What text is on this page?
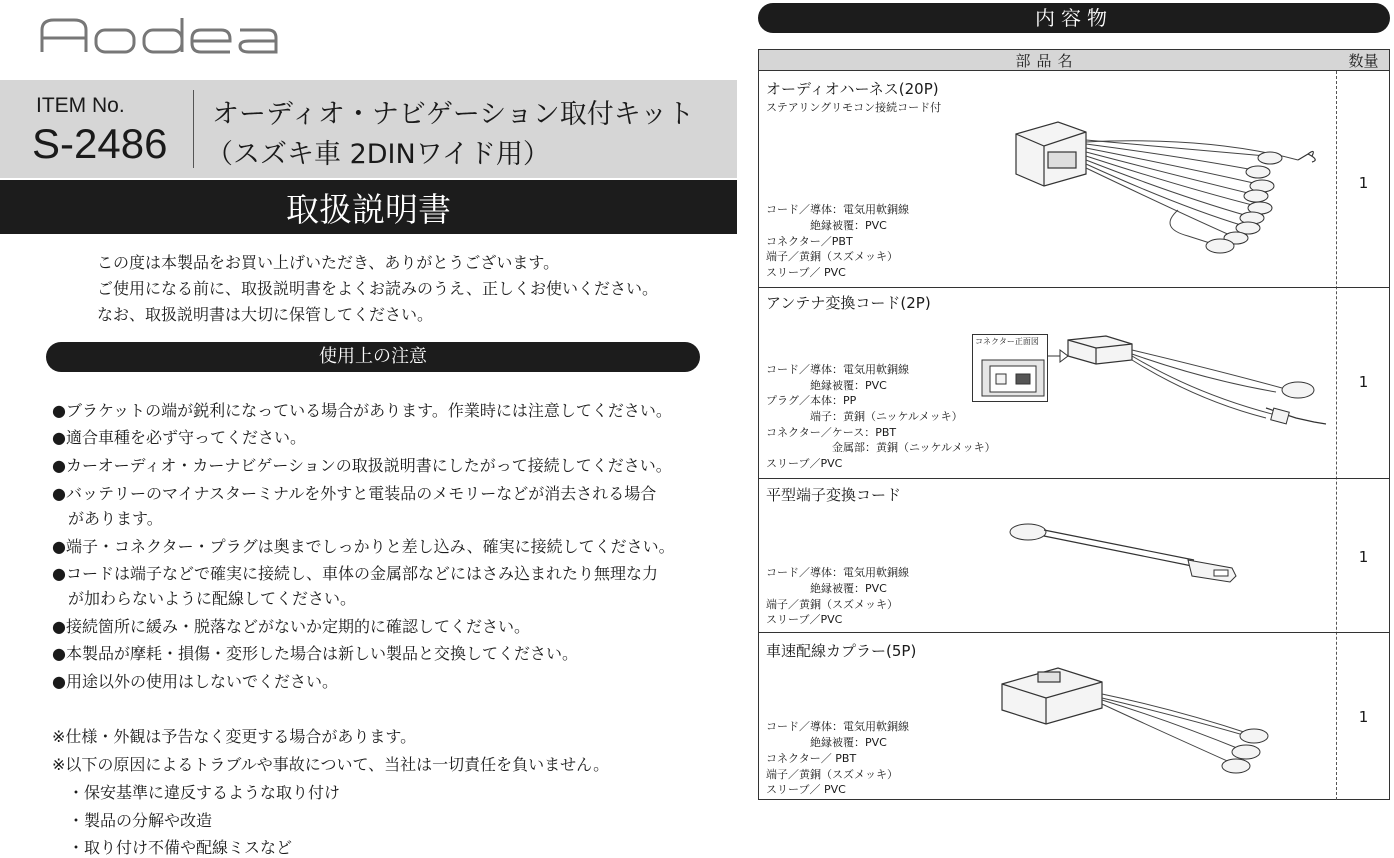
Aodea
ITEM No.
S-2486
オーディオ・ナビゲーション取付キット
（スズキ車 2DINワイド用）
取扱説明書
この度は本製品をお買い上げいただき、ありがとうございます。
ご使用になる前に、取扱説明書をよくお読みのうえ、正しくお使いください。
なお、取扱説明書は大切に保管してください。
使用上の注意
●ブラケットの端が鋭利になっている場合があります。作業時には注意してください。
●適合車種を必ず守ってください。
●カーオーディオ・カーナビゲーションの取扱説明書にしたがって接続してください。
●バッテリーのマイナスターミナルを外すと電装品のメモリーなどが消去される場合
　があります。
●端子・コネクター・プラグは奥までしっかりと差し込み、確実に接続してください。
●コードは端子などで確実に接続し、車体の金属部などにはさみ込まれたり無理な力
　が加わらないように配線してください。
●接続箇所に緩み・脱落などがないか定期的に確認してください。
●本製品が摩耗・損傷・変形した場合は新しい製品と交換してください。
●用途以外の使用はしないでください。
※仕様・外観は予告なく変更する場合があります。
※以下の原因によるトラブルや事故について、当社は一切責任を負いません。
　・保安基準に違反するような取り付け
　・製品の分解や改造
　・取り付け不備や配線ミスなど
内容物
部品名	数量
オーディオハーネス(20P)
ステアリングリモコン接続コード付
コード／導体：電気用軟銅線
　　　　絶縁被覆：PVC
コネクター／PBT
端子／黄銅（スズメッキ）
スリーブ／ PVC
1
アンテナ変換コード(2P)
コード／導体：電気用軟銅線
　　　　絶縁被覆：PVC
プラグ／本体：PP
　　　　端子：黄銅（ニッケルメッキ）
コネクター／ケース：PBT
　　　　　　金属部：黄銅（ニッケルメッキ）
スリーブ／PVC
1
コネクター正面図
平型端子変換コード
コード／導体：電気用軟銅線
　　　　絶縁被覆：PVC
端子／黄銅（スズメッキ）
スリーブ／PVC
1
車速配線カプラー(5P)
コード／導体：電気用軟銅線
　　　　絶縁被覆：PVC
コネクター／ PBT
端子／黄銅（スズメッキ）
スリーブ／ PVC
1
